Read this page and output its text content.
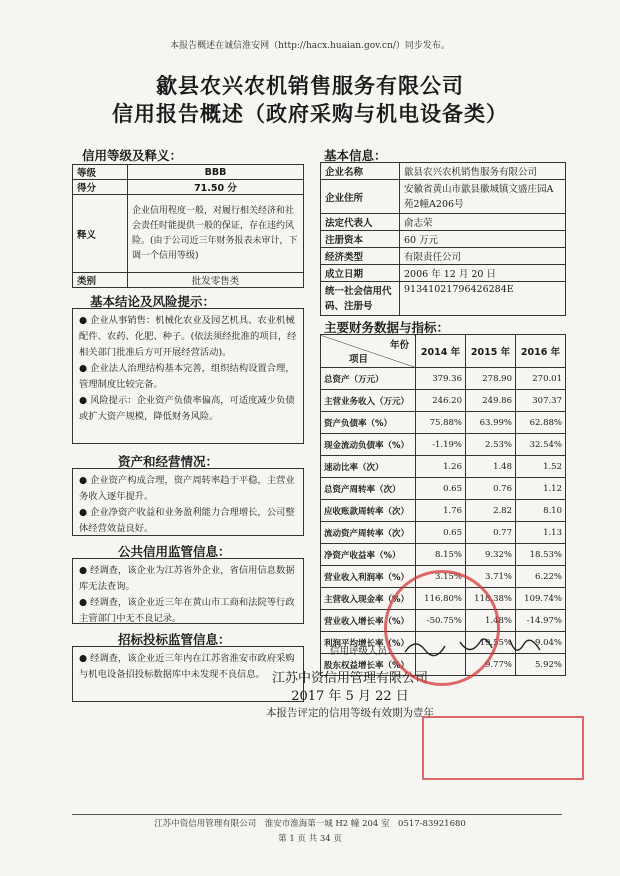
本报告概述在诚信淮安网（http://hacx.huaian.gov.cn/）同步发布。
歙县农兴农机销售服务有限公司
信用报告概述（政府采购与机电设备类）
信用等级及释义：
等级	BBB
得分	71.50 分
释义	企业信用程度一般，对履行相关经济和社会责任时能提供一般的保证，存在违约风险。(由于公司近三年财务报表未审计，下调一个信用等级)
类别	批发零售类
基本结论及风险提示：

● 企业从事销售：机械化农业及园艺机具、农业机械配件、农药、化肥、种子。(依法须经批准的项目，经相关部门批准后方可开展经营活动)。

● 企业法人治理结构基本完善，组织结构设置合理，管理制度比较完备。

● 风险提示：企业资产负债率偏高，可适度减少负债或扩大资产规模，降低财务风险。

资产和经营情况：

● 企业资产构成合理，资产周转率趋于平稳，主营业务收入逐年提升。

● 企业净资产收益和业务盈利能力合理增长，公司整体经营效益良好。

公共信用监管信息：

● 经调查，该企业为江苏省外企业，省信用信息数据库无法查询。

● 经调查，该企业近三年在黄山市工商和法院等行政主管部门中无不良记录。

招标投标监管信息：

● 经调查，该企业近三年内在江苏省淮安市政府采购与机电设备招投标数据库中未发现不良信息。

基本信息：
企业名称	歙县农兴农机销售服务有限公司
企业住所	安徽省黄山市歙县徽城镇文盛庄园A苑2幢A206号
法定代表人	俞志荣
注册资本	60 万元
经济类型	有限责任公司
成立日期	2006 年 12 月 20 日
统一社会信用代码、注册号	91341021796426284E
主要财务数据与指标：
年份
项目	2014 年	2015 年	2016 年
总资产（万元）	379.36	278.90	270.01
主营业务收入（万元）	246.20	249.86	307.37
资产负债率（%）	75.88%	63.99%	62.88%
现金流动负债率（%）	-1.19%	2.53%	32.54%
速动比率（次）	1.26	1.48	1.52
总资产周转率（次）	0.65	0.76	1.12
应收账款周转率（次）	1.76	2.82	8.10
流动资产周转率（次）	0.65	0.77	1.13
净资产收益率（%）	8.15%	9.32%	18.53%
营业收入利润率（%）	3.15%	3.71%	6.22%
主营收入现金率（%）	116.80%	118.38%	109.74%
营业收入增长率（%）	-50.75%	1.48%	-14.97%
利润平均增长率（%）		19.55%	9.04%
股东权益增长率（%）		9.77%	5.92%
信用评级人员：
江苏中资信用管理有限公司
2017 年 5 月 22 日
本报告评定的信用等级有效期为壹年
江苏中资信用管理有限公司　淮安市淮海第一城 H2 幢 204 室　0517-83921680
第 1 页 共 34 页
